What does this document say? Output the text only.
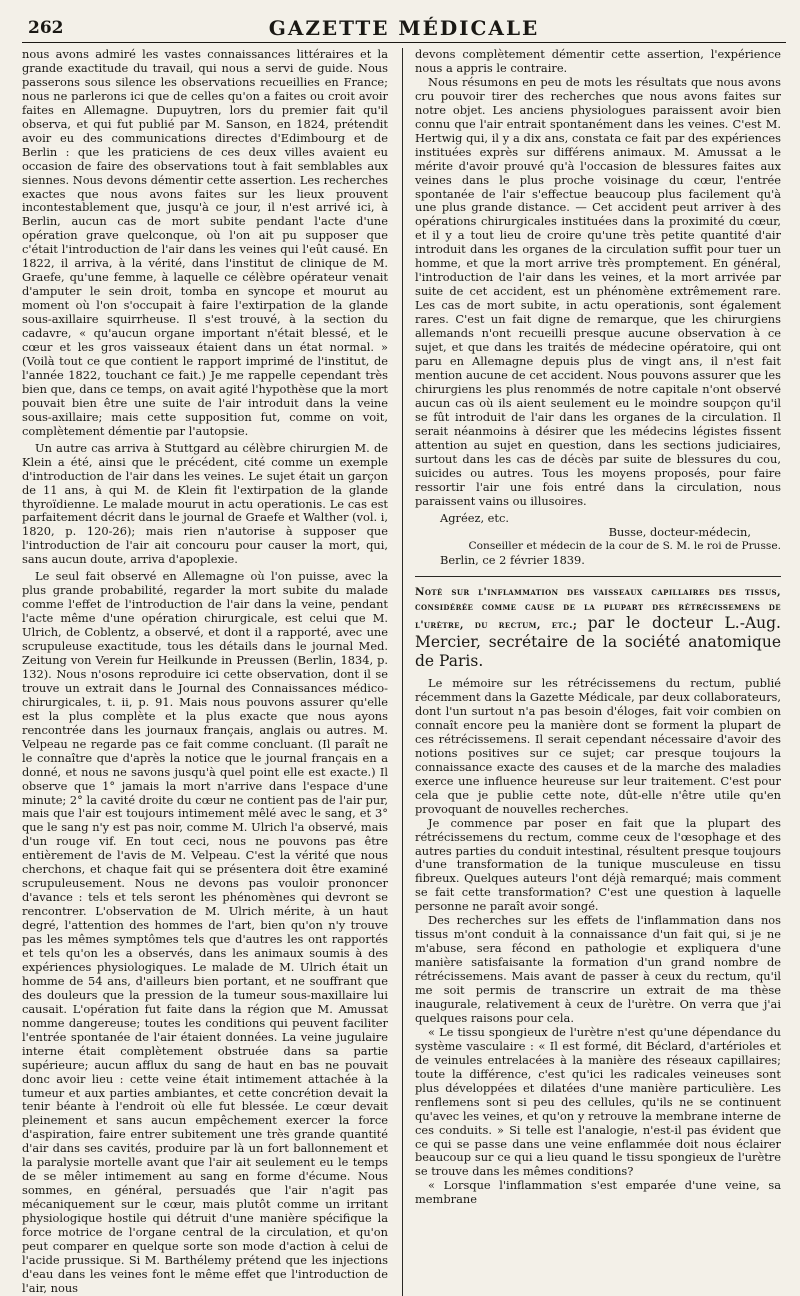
262	GAZETTE MÉDICALE

nous avons admiré les vastes connaissances littéraires et la grande exactitude du travail, qui nous a servi de guide. Nous passerons sous silence les observations recueillies en France; nous ne parlerons ici que de celles qu'on a faites ou croit avoir faites en Allemagne. Dupuytren, lors du premier fait qu'il observa, et qui fut publié par M. Sanson, en 1824, prétendit avoir eu des communications directes d'Edimbourg et de Berlin : que les praticiens de ces deux villes avaient eu occasion de faire des observations tout à fait semblables aux siennes. Nous devons démentir cette assertion. Les recherches exactes que nous avons faites sur les lieux prouvent incontestablement que, jusqu'à ce jour, il n'est arrivé ici, à Berlin, aucun cas de mort subite pendant l'acte d'une opération grave quelconque, où l'on ait pu supposer que c'était l'introduction de l'air dans les veines qui l'eût causé. En 1822, il arriva, à la vérité, dans l'institut de clinique de M. Graefe, qu'une femme, à laquelle ce célèbre opérateur venait d'amputer le sein droit, tomba en syncope et mourut au moment où l'on s'occupait à faire l'extirpation de la glande sous-axillaire squirrheuse. Il s'est trouvé, à la section du cadavre, « qu'aucun organe important n'était blessé, et le cœur et les gros vaisseaux étaient dans un état normal. » (Voilà tout ce que contient le rapport imprimé de l'institut, de l'année 1822, touchant ce fait.) Je me rappelle cependant très bien que, dans ce temps, on avait agité l'hypothèse que la mort pouvait bien être une suite de l'air introduit dans la veine sous-axillaire; mais cette supposition fut, comme on voit, complètement démentie par l'autopsie.

Un autre cas arriva à Stuttgard au célèbre chirurgien M. de Klein a été, ainsi que le précédent, cité comme un exemple d'introduction de l'air dans les veines. Le sujet était un garçon de 11 ans, à qui M. de Klein fit l'extirpation de la glande thyroïdienne. Le malade mourut in actu operationis. Le cas est parfaitement décrit dans le journal de Graefe et Walther (vol. i, 1820, p. 120-26); mais rien n'autorise à supposer que l'introduction de l'air ait concouru pour causer la mort, qui, sans aucun doute, arriva d'apoplexie.

Le seul fait observé en Allemagne où l'on puisse, avec la plus grande probabilité, regarder la mort subite du malade comme l'effet de l'introduction de l'air dans la veine, pendant l'acte même d'une opération chirurgicale, est celui que M. Ulrich, de Coblentz, a observé, et dont il a rapporté, avec une scrupuleuse exactitude, tous les détails dans le journal Med. Zeitung von Verein fur Heilkunde in Preussen (Berlin, 1834, p. 132). Nous n'osons reproduire ici cette observation, dont il se trouve un extrait dans le Journal des Connaissances médico-chirurgicales, t. ii, p. 91. Mais nous pouvons assurer qu'elle est la plus complète et la plus exacte que nous ayons rencontrée dans les journaux français, anglais ou autres. M. Velpeau ne regarde pas ce fait comme concluant. (Il paraît ne le connaître que d'après la notice que le journal français en a donné, et nous ne savons jusqu'à quel point elle est exacte.) Il observe que 1° jamais la mort n'arrive dans l'espace d'une minute; 2° la cavité droite du cœur ne contient pas de l'air pur, mais que l'air est toujours intimement mêlé avec le sang, et 3° que le sang n'y est pas noir, comme M. Ulrich l'a observé, mais d'un rouge vif. En tout ceci, nous ne pouvons pas être entièrement de l'avis de M. Velpeau. C'est la vérité que nous cherchons, et chaque fait qui se présentera doit être examiné scrupuleusement. Nous ne devons pas vouloir prononcer d'avance : tels et tels seront les phénomènes qui devront se rencontrer. L'observation de M. Ulrich mérite, à un haut degré, l'attention des hommes de l'art, bien qu'on n'y trouve pas les mêmes symptômes tels que d'autres les ont rapportés et tels qu'on les a observés, dans les animaux soumis à des expériences physiologiques. Le malade de M. Ulrich était un homme de 54 ans, d'ailleurs bien portant, et ne souffrant que des douleurs que la pression de la tumeur sous-maxillaire lui causait. L'opération fut faite dans la région que M. Amussat nomme dangereuse; toutes les conditions qui peuvent faciliter l'entrée spontanée de l'air étaient données. La veine jugulaire interne était complètement obstruée dans sa partie supérieure; aucun afflux du sang de haut en bas ne pouvait donc avoir lieu : cette veine était intimement attachée à la tumeur et aux parties ambiantes, et cette concrétion devait la tenir béante à l'endroit où elle fut blessée. Le cœur devait pleinement et sans aucun empêchement exercer la force d'aspiration, faire entrer subitement une très grande quantité d'air dans ses cavités, produire par là un fort ballonnement et la paralysie mortelle avant que l'air ait seulement eu le temps de se mêler intimement au sang en forme d'écume. Nous sommes, en général, persuadés que l'air n'agit pas mécaniquement sur le cœur, mais plutôt comme un irritant physiologique hostile qui détruit d'une manière spécifique la force motrice de l'organe central de la circulation, et qu'on peut comparer en quelque sorte son mode d'action à celui de l'acide prussique. Si M. Barthélemy prétend que les injections d'eau dans les veines font le même effet que l'introduction de l'air, nous

devons complètement démentir cette assertion, l'expérience nous a appris le contraire.

Nous résumons en peu de mots les résultats que nous avons cru pouvoir tirer des recherches que nous avons faites sur notre objet. Les anciens physiologues paraissent avoir bien connu que l'air entrait spontanément dans les veines. C'est M. Hertwig qui, il y a dix ans, constata ce fait par des expériences instituées exprès sur différens animaux. M. Amussat a le mérite d'avoir prouvé qu'à l'occasion de blessures faites aux veines dans le plus proche voisinage du cœur, l'entrée spontanée de l'air s'effectue beaucoup plus facilement qu'à une plus grande distance. — Cet accident peut arriver à des opérations chirurgicales instituées dans la proximité du cœur, et il y a tout lieu de croire qu'une très petite quantité d'air introduit dans les organes de la circulation suffit pour tuer un homme, et que la mort arrive très promptement. En général, l'introduction de l'air dans les veines, et la mort arrivée par suite de cet accident, est un phénomène extrêmement rare. Les cas de mort subite, in actu operationis, sont également rares. C'est un fait digne de remarque, que les chirurgiens allemands n'ont recueilli presque aucune observation à ce sujet, et que dans les traités de médecine opératoire, qui ont paru en Allemagne depuis plus de vingt ans, il n'est fait mention aucune de cet accident. Nous pouvons assurer que les chirurgiens les plus renommés de notre capitale n'ont observé aucun cas où ils aient seulement eu le moindre soupçon qu'il se fût introduit de l'air dans les organes de la circulation. Il serait néanmoins à désirer que les médecins légistes fissent attention au sujet en question, dans les sections judiciaires, surtout dans les cas de décès par suite de blessures du cou, suicides ou autres. Tous les moyens proposés, pour faire ressortir l'air une fois entré dans la circulation, nous paraissent vains ou illusoires.

Agréez, etc.

Busse, docteur-médecin,
Conseiller et médecin de la cour de S. M. le roi de Prusse.

Berlin, ce 2 février 1839.

Noté sur l'inflammation des vaisseaux capillaires des tissus, considérée comme cause de la plupart des rétrécissemens de l'urètre, du rectum, etc.; par le docteur L.-Aug. Mercier, secrétaire de la société anatomique de Paris.

Le mémoire sur les rétrécissemens du rectum, publié récemment dans la Gazette Médicale, par deux collaborateurs, dont l'un surtout n'a pas besoin d'éloges, fait voir combien on connaît encore peu la manière dont se forment la plupart de ces rétrécissemens. Il serait cependant nécessaire d'avoir des notions positives sur ce sujet; car presque toujours la connaissance exacte des causes et de la marche des maladies exerce une influence heureuse sur leur traitement. C'est pour cela que je publie cette note, dût-elle n'être utile qu'en provoquant de nouvelles recherches.

Je commence par poser en fait que la plupart des rétrécissemens du rectum, comme ceux de l'œsophage et des autres parties du conduit intestinal, résultent presque toujours d'une transformation de la tunique musculeuse en tissu fibreux. Quelques auteurs l'ont déjà remarqué; mais comment se fait cette transformation? C'est une question à laquelle personne ne paraît avoir songé.

Des recherches sur les effets de l'inflammation dans nos tissus m'ont conduit à la connaissance d'un fait qui, si je ne m'abuse, sera fécond en pathologie et expliquera d'une manière satisfaisante la formation d'un grand nombre de rétrécissemens. Mais avant de passer à ceux du rectum, qu'il me soit permis de transcrire un extrait de ma thèse inaugurale, relativement à ceux de l'urètre. On verra que j'ai quelques raisons pour cela.

« Le tissu spongieux de l'urètre n'est qu'une dépendance du système vasculaire : « Il est formé, dit Béclard, d'artérioles et de veinules entrelacées à la manière des réseaux capillaires; toute la différence, c'est qu'ici les radicales veineuses sont plus développées et dilatées d'une manière particulière. Les renflemens sont si peu des cellules, qu'ils ne se continuent qu'avec les veines, et qu'on y retrouve la membrane interne de ces conduits. » Si telle est l'analogie, n'est-il pas évident que ce qui se passe dans une veine enflammée doit nous éclairer beaucoup sur ce qui a lieu quand le tissu spongieux de l'urètre se trouve dans les mêmes conditions?

« Lorsque l'inflammation s'est emparée d'une veine, sa membrane
